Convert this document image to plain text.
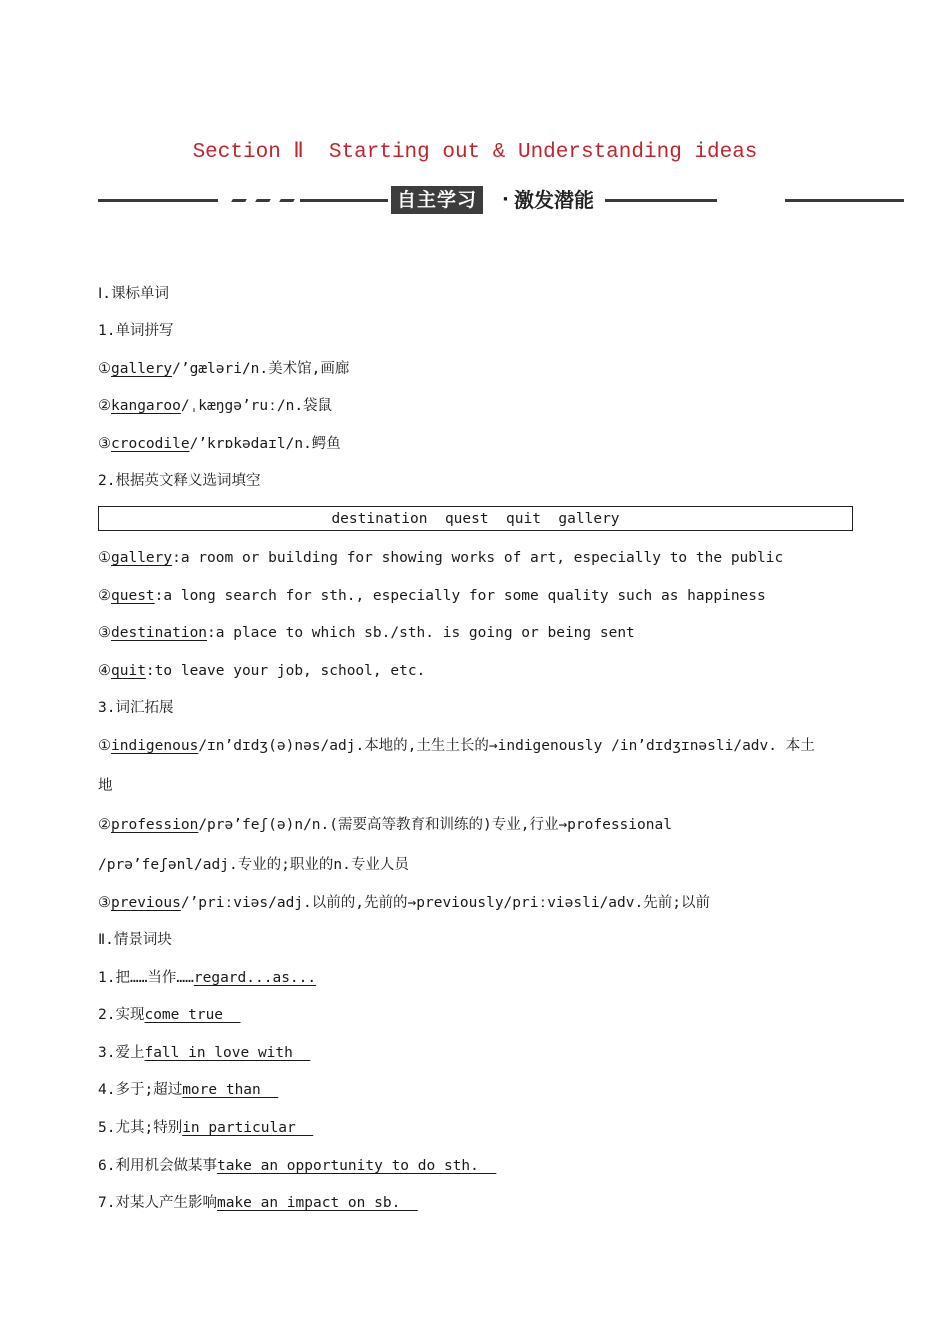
Section Ⅱ  Starting out & Understanding ideas
自主学习	· 激发潜能
Ⅰ.课标单词
1.单词拼写
①gallery/’gæləri/n.美术馆,画廊
②kangaroo/ˌkæŋgə’ruː/n.袋鼠
③crocodile/’krɒkədaɪl/n.鳄鱼
2.根据英文释义选词填空
destination  quest  quit  gallery
①gallery:a room or building for showing works of art, especially to the public
②quest:a long search for sth., especially for some quality such as happiness
③destination:a place to which sb./sth. is going or being sent
④quit:to leave your job, school, etc.
3.词汇拓展
①indigenous/ɪn’dɪdʒ(ə)nəs/adj.本地的,土生土长的→indigenously /in’dɪdʒɪnəsli/adv. 本土
地
②profession/prə’feʃ(ə)n/n.(需要高等教育和训练的)专业,行业→professional
/prə’feʃənl/adj.专业的;职业的n.专业人员
③previous/’priːviəs/adj.以前的,先前的→previously/priːviəsli/adv.先前;以前
Ⅱ.情景词块
1.把……当作……regard...as...
2.实现come true
3.爱上fall in love with
4.多于;超过more than
5.尤其;特别in particular
6.利用机会做某事take an opportunity to do sth.
7.对某人产生影响make an impact on sb.
